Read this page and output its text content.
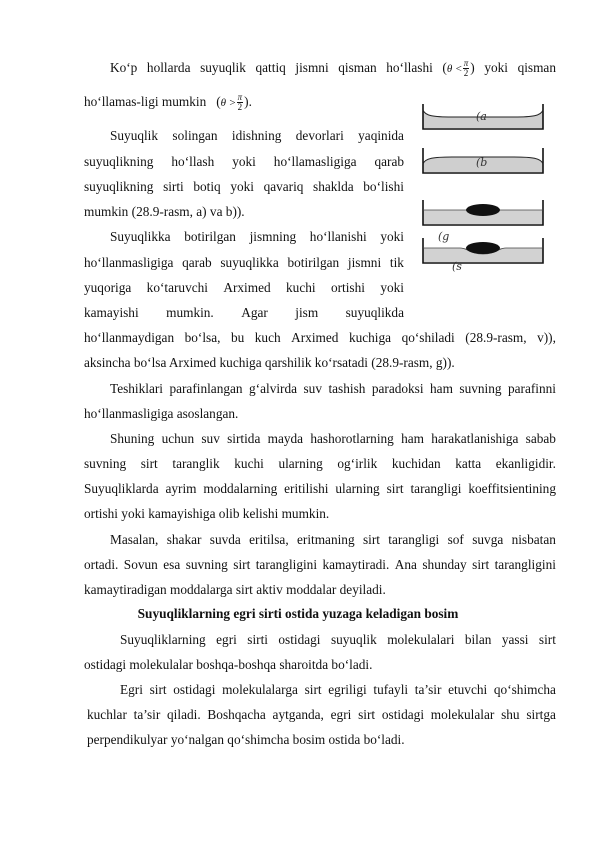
Ko‘p hollarda suyuqlik qattiq jismni qisman ho‘llashi ($\theta < \frac{\pi}{2}$ ) yoki qisman
ho‘llamas-ligi mumkin ($\theta > \frac{\pi}{2}$ ).
Suyuqlik solingan idishning devorlari yaqinida
suyuqlikning ho‘llash yoki ho‘llamasligiga qarab
suyuqlikning sirti botiq yoki qavariq shaklda bo‘lishi
mumkin (28.9-rasm, a) va b)).
Suyuqlikka botirilgan jismning ho‘llanishi yoki
ho‘llanmasligiga qarab suyuqlikka botirilgan jismni tik
yuqoriga ko‘taruvchi Arximed kuchi ortishi yoki
kamayishi mumkin. Agar jism suyuqlikda
ho‘llanmaydigan bo‘lsa, bu kuch Arximed kuchiga qo‘shiladi (28.9-rasm, v)),
aksincha bo‘lsa Arximed kuchiga qarshilik ko‘rsatadi (28.9-rasm, g)).
Teshiklari parafinlangan g‘alvirda suv tashish paradoksi ham suvning parafinni
ho‘llanmasligiga asoslangan.
Shuning uchun suv sirtida mayda hashorotlarning ham harakatlanishiga sabab
suvning sirt taranglik kuchi ularning og‘irlik kuchidan katta ekanligidir.
Suyuqliklarda ayrim moddalarning eritilishi ularning sirt tarangligi koeffitsientining
ortishi yoki kamayishiga olib kelishi mumkin.
Masalan, shakar suvda eritilsa, eritmaning sirt tarangligi sof suvga nisbatan
ortadi. Sovun esa suvning sirt tarangligini kamaytiradi. Ana shunday sirt tarangligini
kamaytiradigan moddalarga sirt aktiv moddalar deyiladi.
Suyuqliklarning egri sirti ostida yuzaga keladigan bosim
Suyuqliklarning egri sirti ostidagi suyuqlik molekulalari bilan yassi sirt
ostidagi molekulalar boshqa-boshqa sharoitda bo‘ladi.
Egri sirt ostidagi molekulalarga sirt egriligi tufayli ta’sir etuvchi qo‘shimcha
kuchlar ta’sir qiladi. Boshqacha aytganda, egri sirt ostidagi molekulalar shu sirtga
perpendikulyar yo‘nalgan qo‘shimcha bosim ostida bo‘ladi.
(a
(b
(g
(s
